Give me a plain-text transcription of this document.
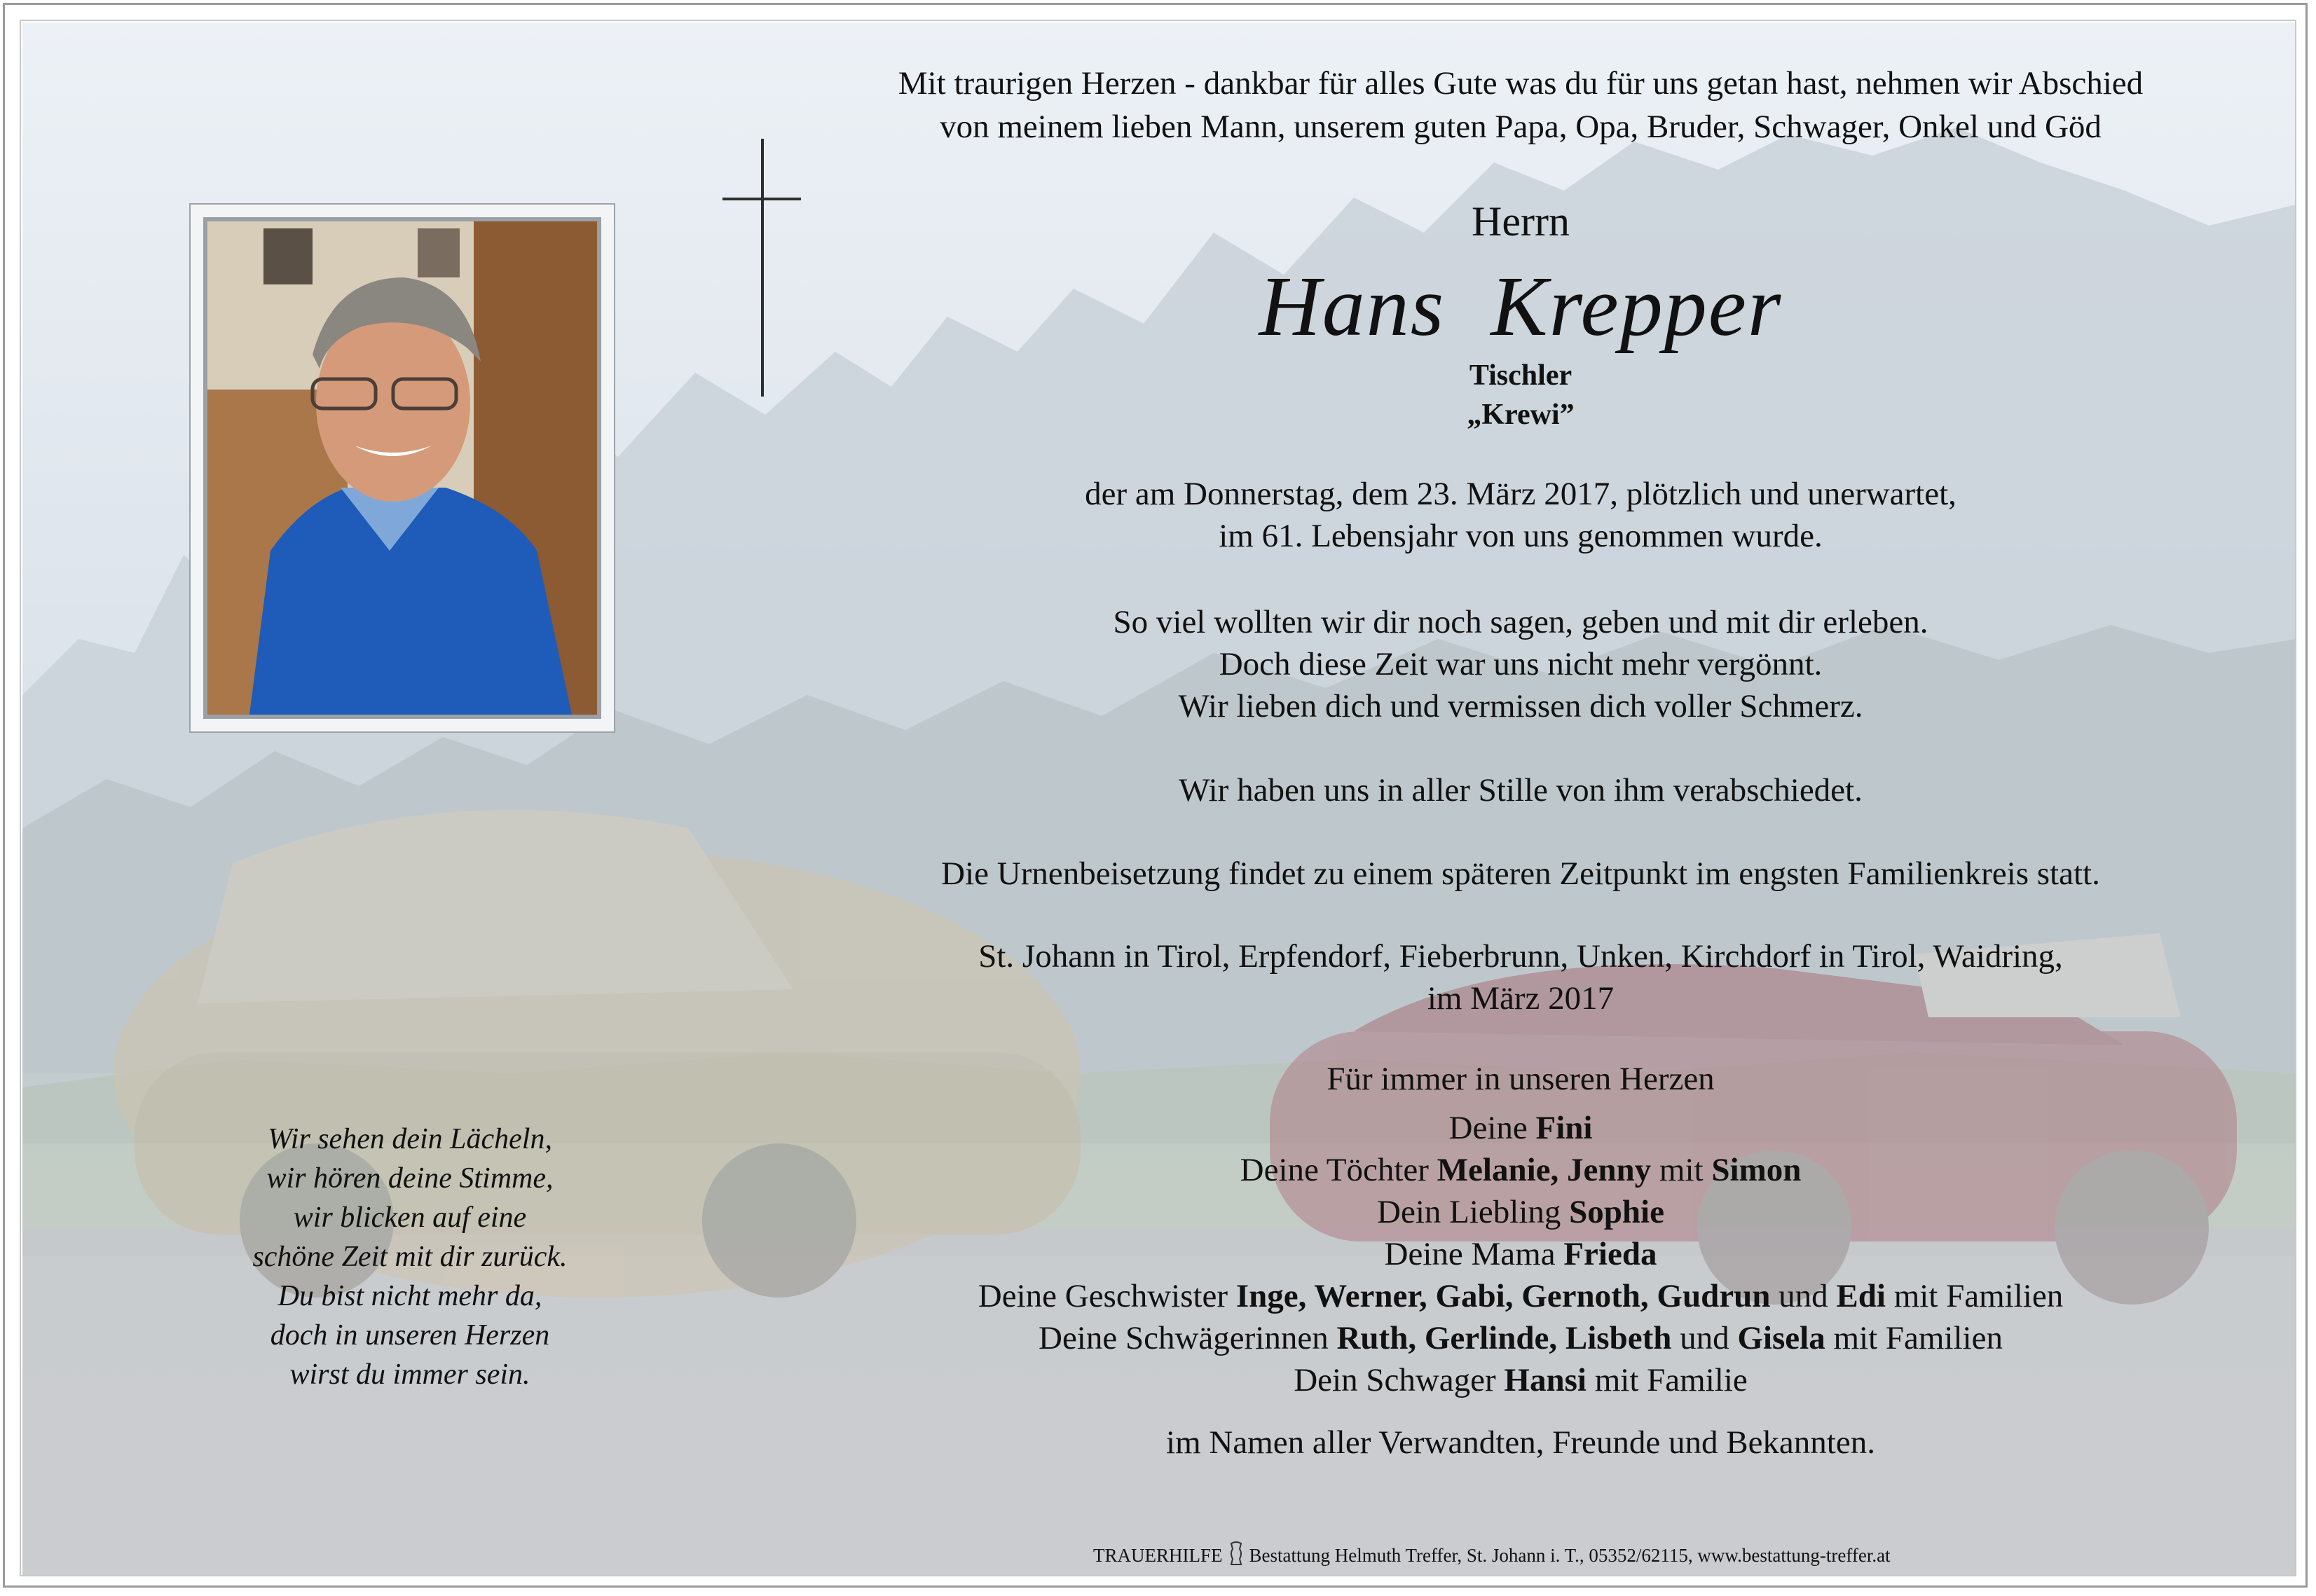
Mit traurigen Herzen - dankbar für alles Gute was du für uns getan hast, nehmen wir Abschied
von meinem lieben Mann, unserem guten Papa, Opa, Bruder, Schwager, Onkel und Göd
Herrn
Hans  Krepper
Tischler
„Krewi”
der am Donnerstag, dem 23. März 2017, plötzlich und unerwartet,
im 61. Lebensjahr von uns genommen wurde.
So viel wollten wir dir noch sagen, geben und mit dir erleben.
Doch diese Zeit war uns nicht mehr vergönnt.
Wir lieben dich und vermissen dich voller Schmerz.
Wir haben uns in aller Stille von ihm verabschiedet.
Die Urnenbeisetzung findet zu einem späteren Zeitpunkt im engsten Familienkreis statt.
St. Johann in Tirol, Erpfendorf, Fieberbrunn, Unken, Kirchdorf in Tirol, Waidring,
im März 2017
Für immer in unseren Herzen
Deine Fini
Deine Töchter Melanie, Jenny mit Simon
Dein Liebling Sophie
Deine Mama Frieda
Deine Geschwister Inge, Werner, Gabi, Gernoth, Gudrun und Edi mit Familien
Deine Schwägerinnen Ruth, Gerlinde, Lisbeth und Gisela mit Familien
Dein Schwager Hansi mit Familie
im Namen aller Verwandten, Freunde und Bekannten.
Wir sehen dein Lächeln,
wir hören deine Stimme,
wir blicken auf eine
schöne Zeit mit dir zurück.
Du bist nicht mehr da,
doch in unseren Herzen
wirst du immer sein.
TRAUERHILFE Bestattung Helmuth Treffer, St. Johann i. T., 05352/62115, www.bestattung-treffer.at
